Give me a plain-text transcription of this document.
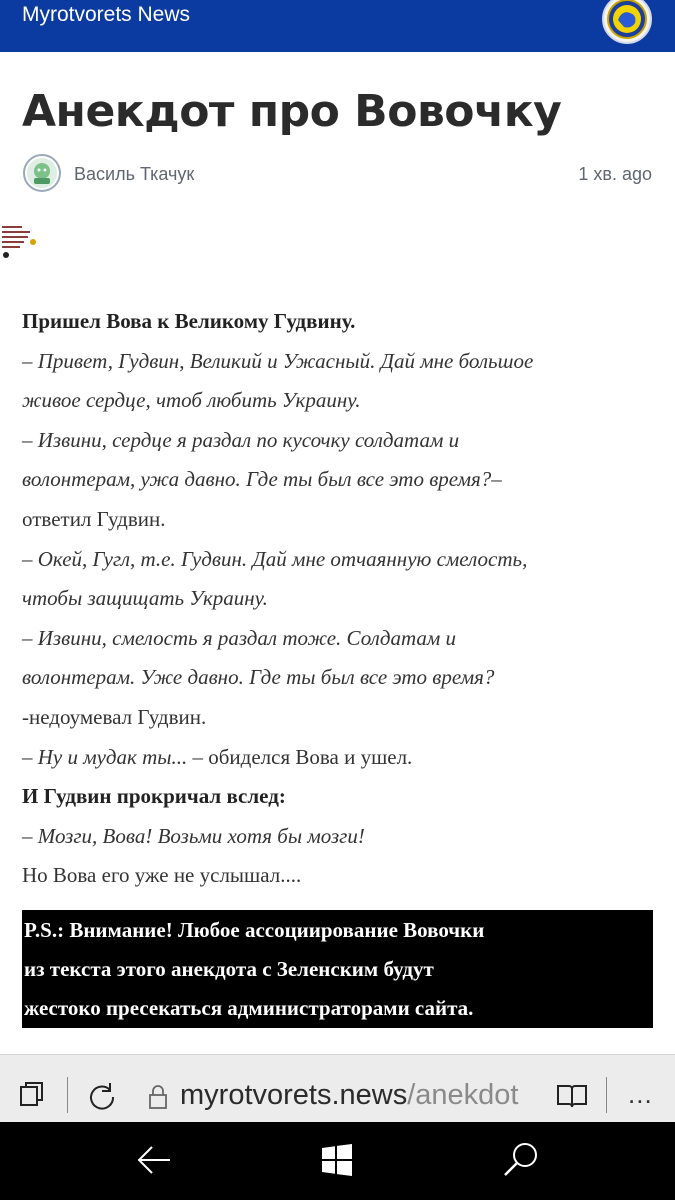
Myrotvorets News
Анекдот про Вовочку
Василь Ткачук	1 хв. ago

Пришел Вова к Великому Гудвину.

– Привет, Гудвин, Великий и Ужасный. Дай мне большое

живое сердце, чтоб любить Украину.

– Извини, сердце я раздал по кусочку солдатам и

волонтерам, ужа давно. Где ты был все это время?–

ответил Гудвин.

– Окей, Гугл, т.е. Гудвин. Дай мне отчаянную смелость,

чтобы защищать Украину.

– Извини, смелость я раздал тоже. Солдатам и

волонтерам. Уже давно. Где ты был все это время?

-недоумевал Гудвин.

– Ну и мудак ты... – обиделся Вова и ушел.

И Гудвин прокричал вслед:

– Мозги, Вова! Возьми хотя бы мозги!

Но Вова его уже не услышал....

P.S.: Внимание! Любое ассоциирование Вовочки

из текста этого анекдота с Зеленским будут

жестоко пресекаться администраторами сайта.

myrotvorets.news/anekdot	...
